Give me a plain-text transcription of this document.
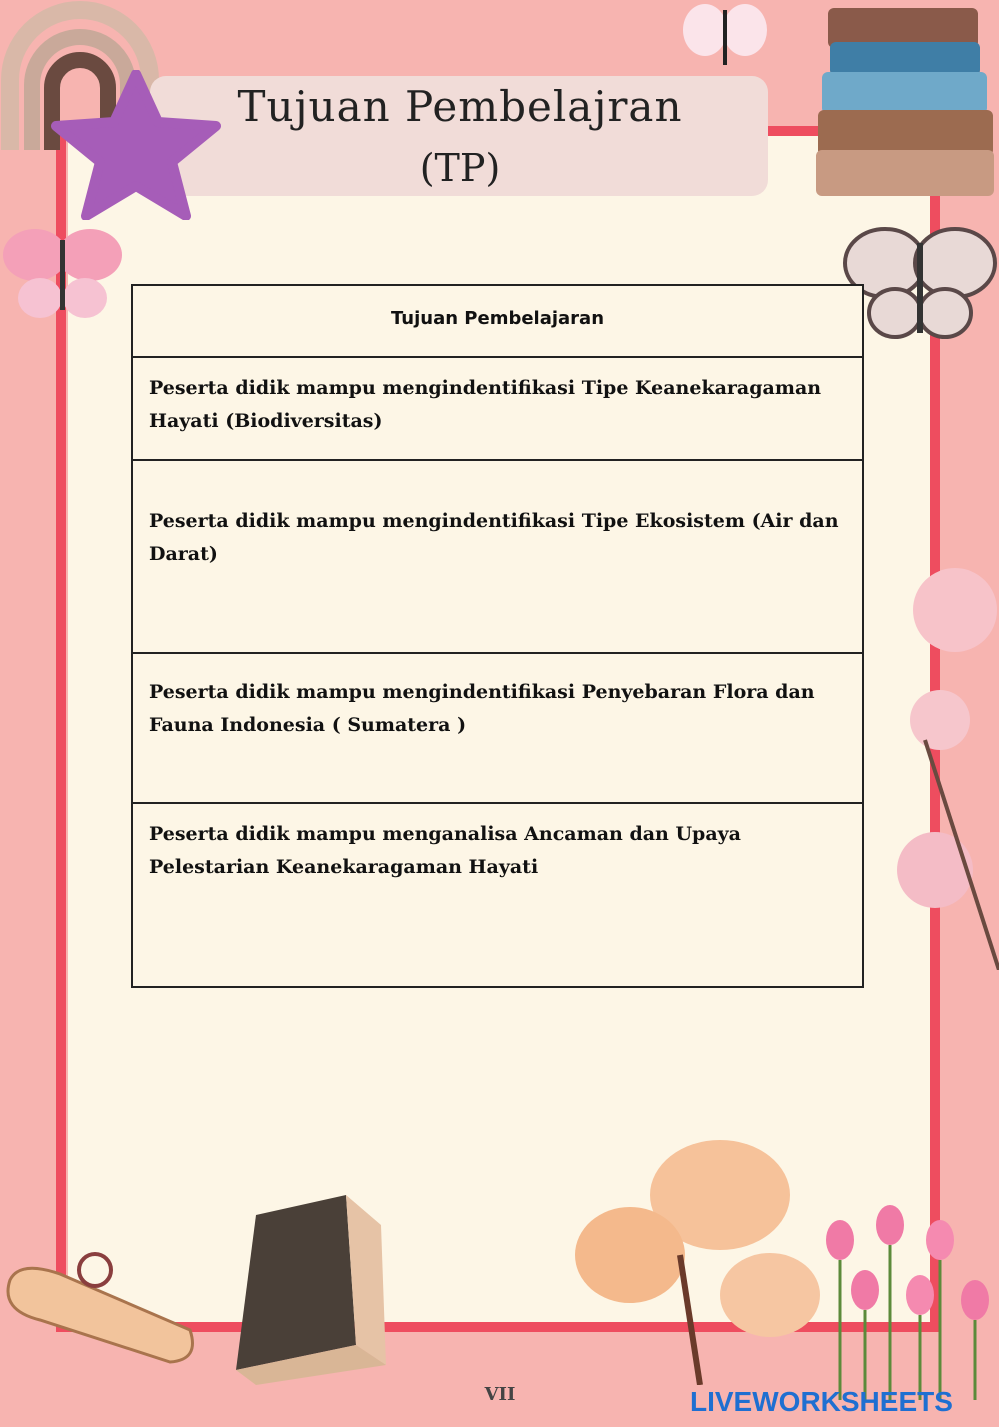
Tujuan Pembelajran
(TP)
Tujuan Pembelajaran
Peserta didik mampu mengindentifikasi Tipe Keanekaragaman Hayati (Biodiversitas)
Peserta didik mampu mengindentifikasi Tipe Ekosistem (Air dan Darat)
Peserta didik mampu mengindentifikasi Penyebaran Flora dan Fauna Indonesia ( Sumatera )
Peserta didik mampu menganalisa Ancaman dan Upaya Pelestarian Keanekaragaman Hayati
VII	LIVEWORKSHEETS
